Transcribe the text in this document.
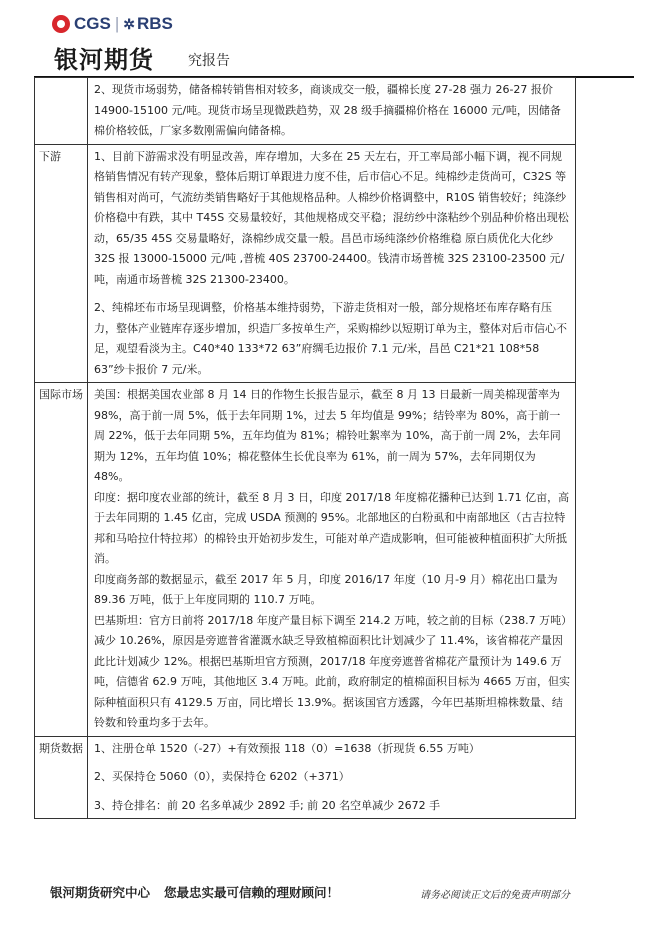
CGS | ✲ RBS
银河期货 究报告

	2、现货市场弱势，储备棉转销售相对较多，商谈成交一般，疆棉长度 27-28 强力 26-27 报价 14900-15100 元/吨。现货市场呈现微跌趋势，双 28 级手摘疆棉价格在 16000 元/吨，因储备棉价格较低，厂家多数刚需偏向储备棉。

下游	1、目前下游需求没有明显改善，库存增加，大多在 25 天左右，开工率局部小幅下调，视不同规格销售情况有转产现象，整体后期订单跟进力度不佳，后市信心不足。纯棉纱走货尚可，C32S 等销售相对尚可，气流纺类销售略好于其他规格品种。人棉纱价格调整中，R10S 销售较好；纯涤纱价格稳中有跌，其中 T45S 交易量较好，其他规格成交平稳；混纺纱中涤粘纱个别品种价格出现松动，65/35 45S 交易量略好，涤棉纱成交量一般。昌邑市场纯涤纱价格维稳 原白质优化大化纱 32S 报 13000-15000 元/吨 ,普梳 40S 23700-24400。钱清市场普梳 32S 23100-23500 元/吨，南通市场普梳 32S 21300-23400。

2、纯棉坯布市场呈现调整，价格基本维持弱势，下游走货相对一般，部分规格坯布库存略有压力，整体产业链库存逐步增加，织造厂多按单生产，采购棉纱以短期订单为主，整体对后市信心不足，观望看淡为主。C40*40 133*72 63”府绸毛边报价 7.1 元/米，昌邑 C21*21 108*58 63”纱卡报价 7 元/米。

国际市场	美国：根据美国农业部 8 月 14 日的作物生长报告显示，截至 8 月 13 日最新一周美棉现蕾率为 98%，高于前一周 5%，低于去年同期 1%，过去 5 年均值是 99%；结铃率为 80%，高于前一周 22%，低于去年同期 5%，五年均值为 81%；棉铃吐絮率为 10%，高于前一周 2%，去年同期为 12%，五年均值 10%；棉花整体生长优良率为 61%，前一周为 57%，去年同期仅为 48%。

印度：据印度农业部的统计，截至 8 月 3 日，印度 2017/18 年度棉花播种已达到 1.71 亿亩，高于去年同期的 1.45 亿亩，完成 USDA 预测的 95%。北部地区的白粉虱和中南部地区（古吉拉特邦和马哈拉什特拉邦）的棉铃虫开始初步发生，可能对单产造成影响，但可能被种植面积扩大所抵消。

印度商务部的数据显示，截至 2017 年 5 月，印度 2016/17 年度（10 月-9 月）棉花出口量为 89.36 万吨，低于上年度同期的 110.7 万吨。

巴基斯坦：官方日前将 2017/18 年度产量目标下调至 214.2 万吨，较之前的目标（238.7 万吨）减少 10.26%，原因是旁遮普省灌溉水缺乏导致植棉面积比计划减少了 11.4%，该省棉花产量因此比计划减少 12%。根据巴基斯坦官方预测，2017/18 年度旁遮普省棉花产量预计为 149.6 万吨，信德省 62.9 万吨，其他地区 3.4 万吨。此前，政府制定的植棉面积目标为 4665 万亩，但实际种植面积只有 4129.5 万亩，同比增长 13.9%。据该国官方透露，今年巴基斯坦棉株数量、结铃数和铃重均多于去年。

期货数据	1、注册仓单 1520（-27）+有效预报 118（0）=1638（折现货 6.55 万吨）

2、买保持仓 5060（0），卖保持仓 6202（+371）

3、持仓排名：前 20 名多单减少 2892 手; 前 20 名空单减少 2672 手

银河期货研究中心 您最忠实最可信赖的理财顾问！	请务必阅读正文后的免责声明部分
